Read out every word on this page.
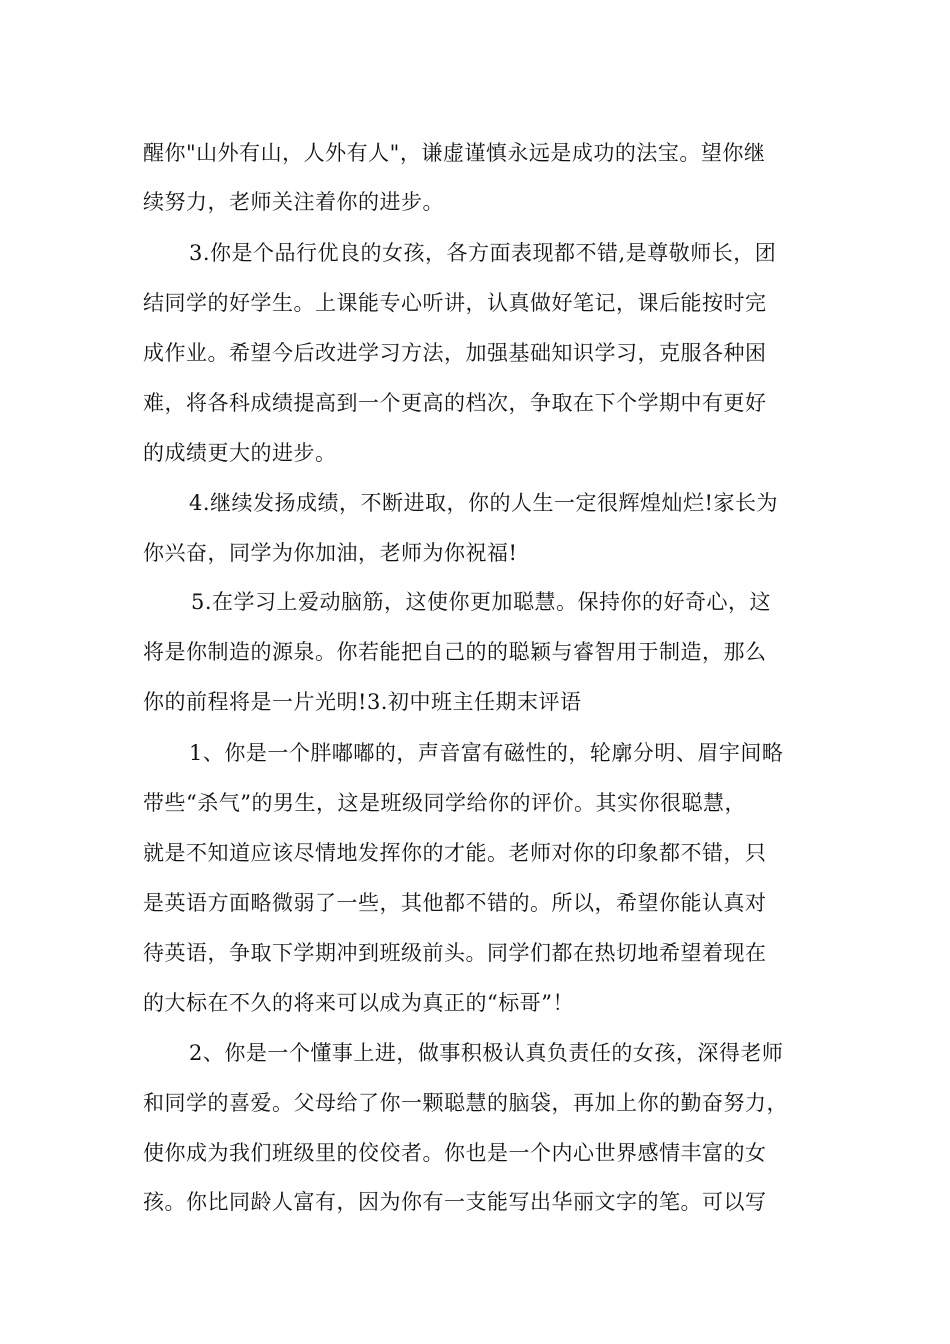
醒你"山外有山，人外有人"，谦虚谨慎永远是成功的法宝。望你继
续努力，老师关注着你的进步。
3.你是个品行优良的女孩，各方面表现都不错,是尊敬师长，团
结同学的好学生。上课能专心听讲，认真做好笔记，课后能按时完
成作业。希望今后改进学习方法，加强基础知识学习，克服各种困
难，将各科成绩提高到一个更高的档次，争取在下个学期中有更好
的成绩更大的进步。
4.继续发扬成绩，不断进取，你的人生一定很辉煌灿烂!家长为
你兴奋，同学为你加油，老师为你祝福!
5.在学习上爱动脑筋，这使你更加聪慧。保持你的好奇心，这
将是你制造的源泉。你若能把自己的的聪颖与睿智用于制造，那么
你的前程将是一片光明!3.初中班主任期末评语
1、你是一个胖嘟嘟的，声音富有磁性的，轮廓分明、眉宇间略
带些“杀气”的男生，这是班级同学给你的评价。其实你很聪慧，
就是不知道应该尽情地发挥你的才能。老师对你的印象都不错，只
是英语方面略微弱了一些，其他都不错的。所以，希望你能认真对
待英语，争取下学期冲到班级前头。同学们都在热切地希望着现在
的大标在不久的将来可以成为真正的“标哥”！
2、你是一个懂事上进，做事积极认真负责任的女孩，深得老师
和同学的喜爱。父母给了你一颗聪慧的脑袋，再加上你的勤奋努力，
使你成为我们班级里的佼佼者。你也是一个内心世界感情丰富的女
孩。你比同龄人富有，因为你有一支能写出华丽文字的笔。可以写
